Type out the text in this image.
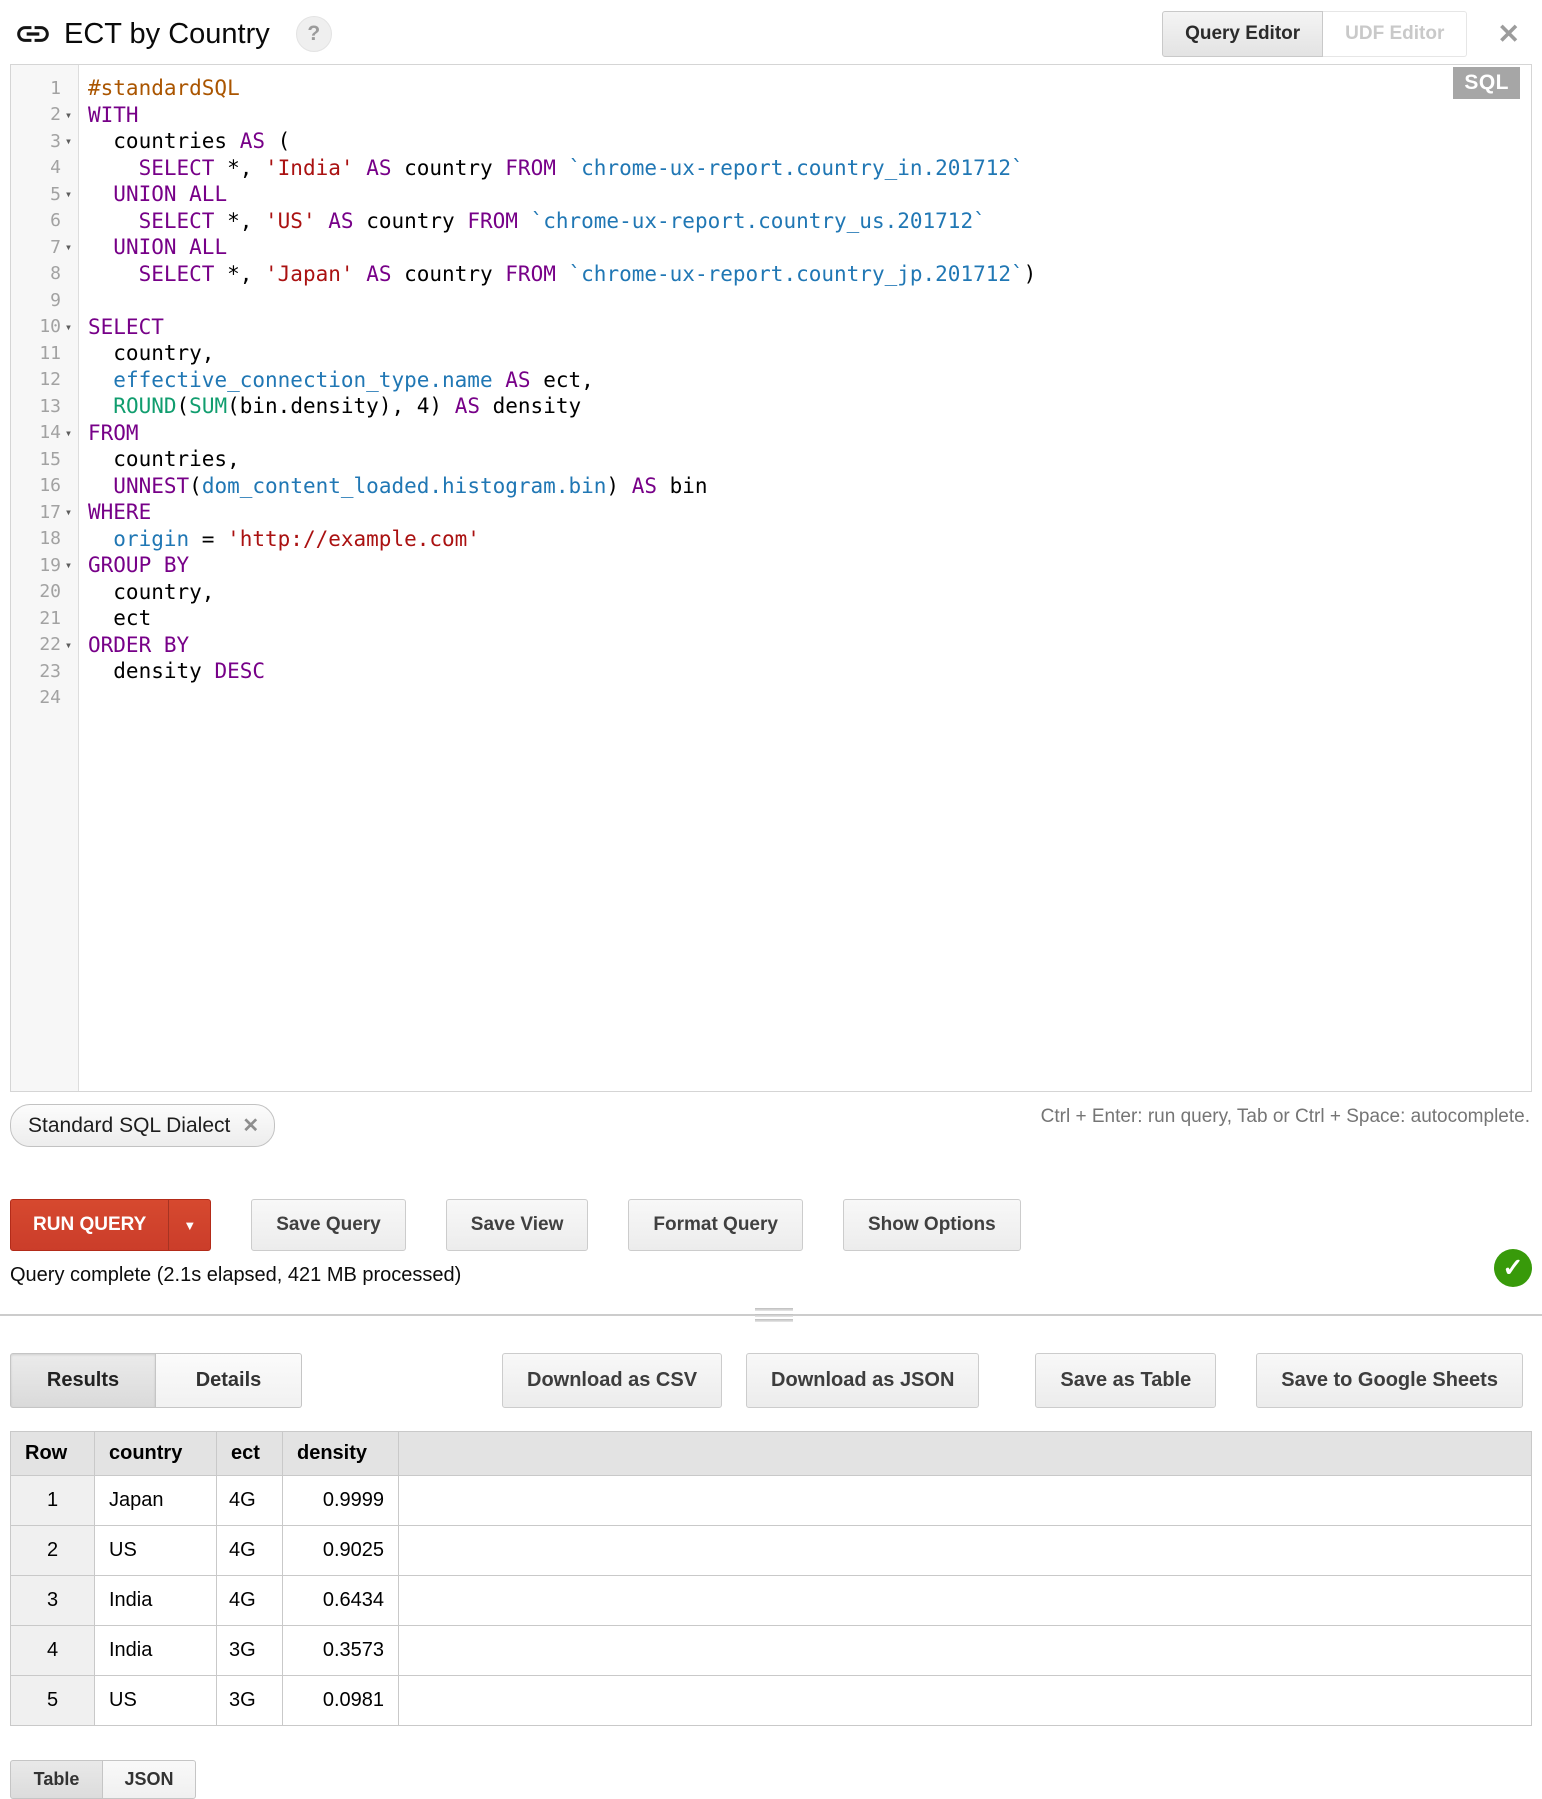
ECT by Country	?	Query Editor	UDF Editor	✕
1
2 ▾
3 ▾
4
5 ▾
6
7 ▾
8
9
10 ▾
11
12
13
14 ▾
15
16
17 ▾
18
19 ▾
20
21
22 ▾
23
24
#standardSQL
WITH
countries AS (
SELECT *, 'India' AS country FROM `chrome-ux-report.country_in.201712`
UNION ALL
SELECT *, 'US' AS country FROM `chrome-ux-report.country_us.201712`
UNION ALL
SELECT *, 'Japan' AS country FROM `chrome-ux-report.country_jp.201712`)

SELECT
country,
effective_connection_type.name AS ect,
ROUND(SUM(bin.density), 4) AS density
FROM
countries,
UNNEST(dom_content_loaded.histogram.bin) AS bin
WHERE
origin = 'http://example.com'
GROUP BY
country,
ect
ORDER BY
density DESC

SQL
Standard SQL Dialect ✕	Ctrl + Enter: run query, Tab or Ctrl + Space: autocomplete.
RUN QUERY	▼	Save Query	Save View	Format Query	Show Options
Query complete (2.1s elapsed, 421 MB processed)	✓
Results	Details	Download as CSV	Download as JSON	Save as Table	Save to Google Sheets
Row	country	ect	density	
1	Japan	4G	0.9999	
2	US	4G	0.9025	
3	India	4G	0.6434	
4	India	3G	0.3573	
5	US	3G	0.0981	
Table	JSON
